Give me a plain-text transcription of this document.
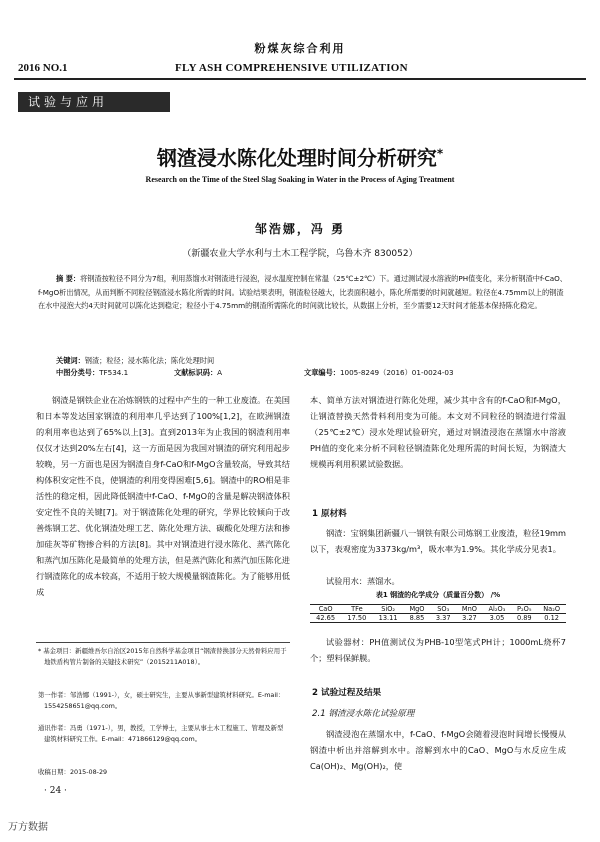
粉煤灰综合利用
2016 NO.1	FLY ASH COMPREHENSIVE UTILIZATION
试验与应用
钢渣浸水陈化处理时间分析研究*
Research on the Time of the Steel Slag Soaking in Water in the Process of Aging Treatment
邹浩娜，冯 勇
（新疆农业大学水利与土木工程学院，乌鲁木齐 830052）
摘 要：将钢渣按粒径不同分为7组，利用蒸馏水对钢渣进行浸泡，浸水温度控制在常温（25℃±2℃）下。通过测试浸水溶液的PH值变化，来分析钢渣中f-CaO、f-MgO析出情况，从而判断不同粒径钢渣浸水陈化所需的时间。试验结果表明，钢渣粒径越大，比表面积越小，陈化所需要的时间就越短。粒径在4.75mm以上的钢渣在水中浸泡大约4天时间就可以陈化达到稳定；粒径小于4.75mm的钢渣所需陈化的时间就比较长，从数据上分析，至少需要12天时间才能基本保持陈化稳定。
关键词：钢渣；粒径；浸水陈化法；陈化处理时间
中图分类号：TF534.1	文献标识码：A	文章编号：1005-8249（2016）01-0024-03
钢渣是钢铁企业在冶炼钢铁的过程中产生的一种工业废渣。在美国和日本等发达国家钢渣的利用率几乎达到了100%[1,2]，在欧洲钢渣的利用率也达到了65%以上[3]。直到2013年为止我国的钢渣利用率仅仅才达到20%左右[4]，这一方面是因为我国对钢渣的研究利用起步较晚，另一方面也是因为钢渣自身f-CaO和f-MgO含量较高，导致其结构体积安定性不良，使钢渣的利用变得困难[5,6]。钢渣中的RO相是非活性的稳定相，因此降低钢渣中f-CaO、f-MgO的含量是解决钢渣体积安定性不良的关键[7]。对于钢渣陈化处理的研究，学界比较倾向于改善炼钢工艺、优化钢渣处理工艺、陈化处理方法、碳酸化处理方法和掺加硅灰等矿物掺合料的方法[8]。其中对钢渣进行浸水陈化、蒸汽陈化和蒸汽加压陈化是最简单的处理方法，但是蒸汽陈化和蒸汽加压陈化进行钢渣陈化的成本较高，不适用于较大规模量钢渣陈化。为了能够用低成
* 基金项目：新疆维吾尔自治区2015年自然科学基金项目“钢渣替换部分天然骨料应用于地铁盾构管片制备的关键技术研究”（2015211A018）。
第一作者：邹浩娜（1991-），女，硕士研究生，主要从事新型建筑材料研究。E-mail：1554258651@qq.com。
通讯作者：冯勇（1971-），男，教授，工学博士，主要从事土木工程施工、管理及新型建筑材料研究工作。E-mail：471866129@qq.com。
收稿日期：2015-08-29
· 24 ·
万方数据
本、简单方法对钢渣进行陈化处理，减少其中含有的f-CaO和f-MgO，让钢渣替换天然骨料利用变为可能。本文对不同粒径的钢渣进行常温（25℃±2℃）浸水处理试验研究，通过对钢渣浸泡在蒸馏水中溶液PH值的变化来分析不同粒径钢渣陈化处理所需的时间长短，为钢渣大规模再利用积累试验数据。
1 原材料
钢渣：宝钢集团新疆八一钢铁有限公司炼钢工业废渣，粒径19mm以下，表观密度为3373kg/m³，吸水率为1.9%。其化学成分见表1。
试验用水：蒸馏水。
表1 钢渣的化学成分（质量百分数） /%
CaO	TFe	SiO₂	MgO	SO₃	MnO	Al₂O₃	P₂O₅	Na₂O
42.65	17.50	13.11	8.85	3.37	3.27	3.05	0.89	0.12
试验器材：PH值测试仪为PHB-10型笔式PH计；1000mL烧杯7个；塑料保鲜膜。
2 试验过程及结果
2.1 钢渣浸水陈化试验原理
钢渣浸泡在蒸馏水中，f-CaO、f-MgO会随着浸泡时间增长慢慢从钢渣中析出并溶解到水中。溶解到水中的CaO、MgO与水反应生成Ca(OH)₂、Mg(OH)₂，使
